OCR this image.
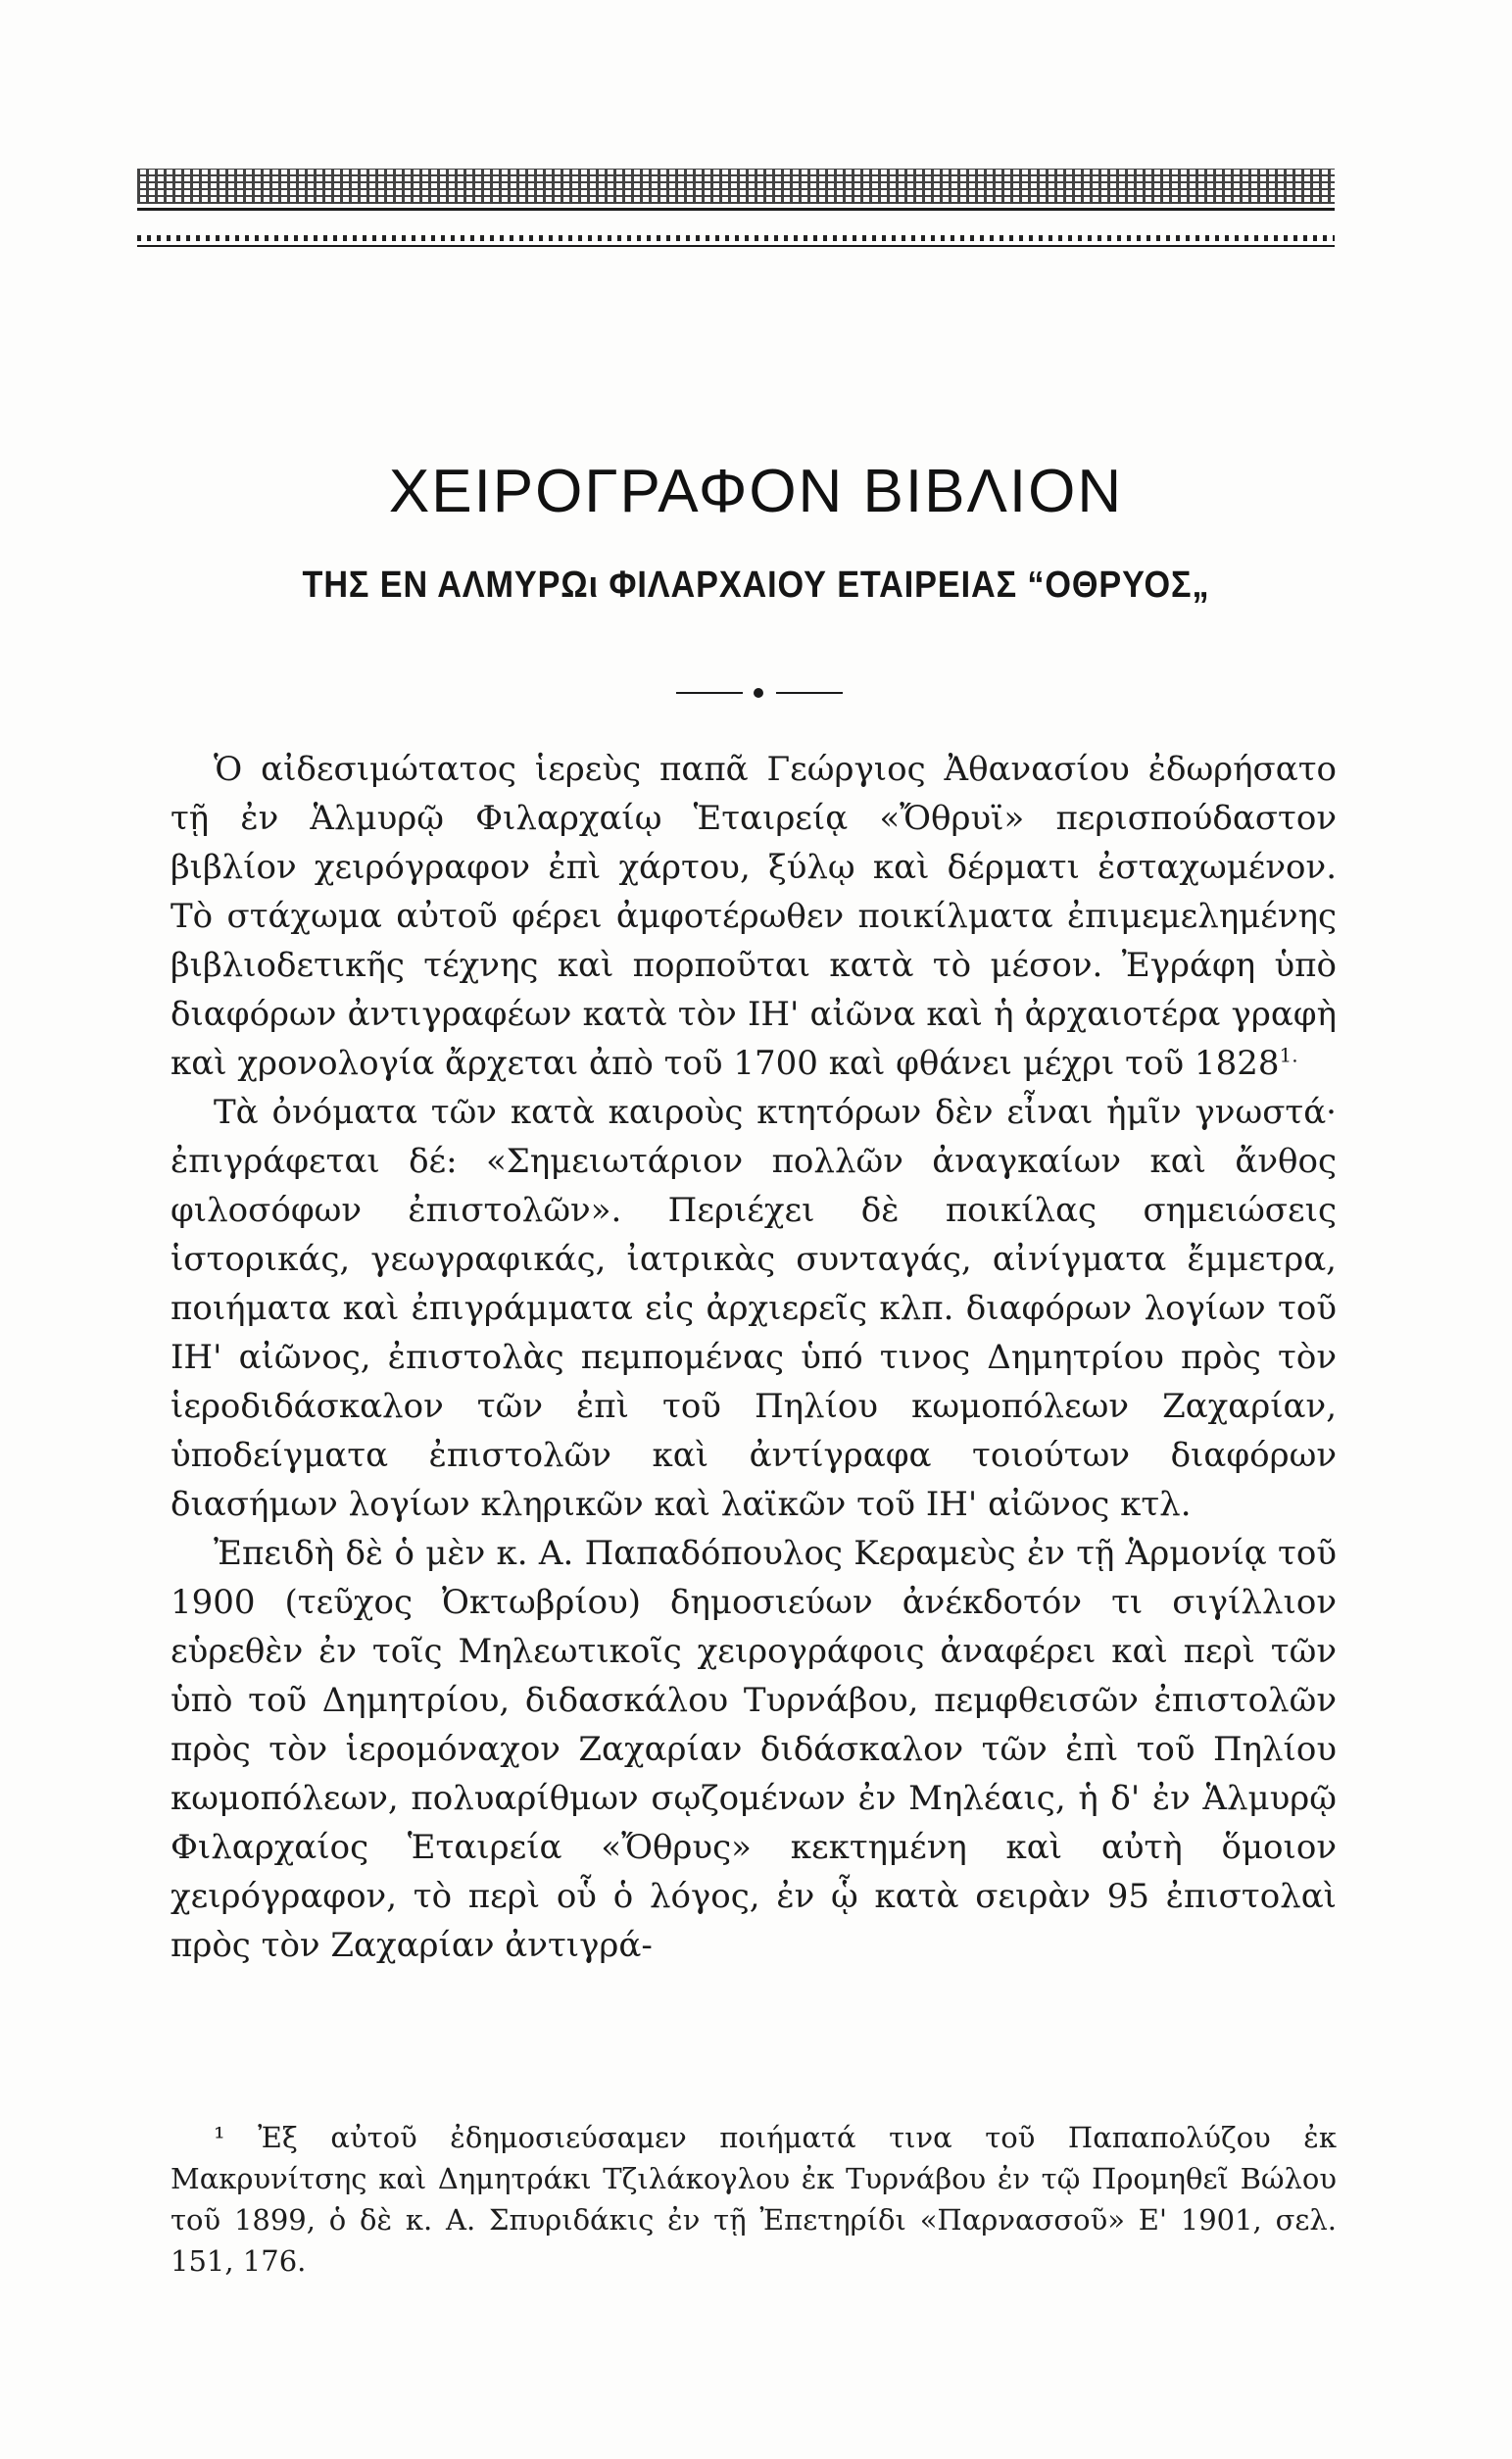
ΧΕΙΡΟΓΡΑΦΟΝ ΒΙΒΛΙΟΝ
ΤΗΣ ΕΝ ΑΛΜΥΡΩι ΦΙΛΑΡΧΑΙΟΥ ΕΤΑΙΡΕΙΑΣ “ΟΘΡΥΟΣ„

Ὁ αἰδεσιμώτατος ἱερεὺς παπᾶ Γεώργιος Ἀθανασίου ἐδωρήσατο τῇ ἐν Ἁλμυρῷ Φιλαρχαίῳ Ἑταιρείᾳ «Ὄθρυϊ» περισπούδαστον βιβλίον χειρόγραφον ἐπὶ χάρτου, ξύλῳ καὶ δέρματι ἐσταχωμένον. Τὸ στάχωμα αὐτοῦ φέρει ἀμφοτέρωθεν ποικίλματα ἐπιμεμελημένης βιβλιοδετικῆς τέχνης καὶ πορποῦται κατὰ τὸ μέσον. Ἐγράφη ὑπὸ διαφόρων ἀντιγραφέων κατὰ τὸν ΙΗ' αἰῶνα καὶ ἡ ἀρχαιοτέρα γραφὴ καὶ χρονολογία ἄρχεται ἀπὸ τοῦ 1700 καὶ φθάνει μέχρι τοῦ $1828^{1.}$

Τὰ ὀνόματα τῶν κατὰ καιροὺς κτητόρων δὲν εἶναι ἡμῖν γνωστά· ἐπιγράφεται δέ: «Σημειωτάριον πολλῶν ἀναγκαίων καὶ ἄνθος φιλοσόφων ἐπιστολῶν». Περιέχει δὲ ποικίλας σημειώσεις ἱστορικάς, γεωγραφικάς, ἰατρικὰς συνταγάς, αἰνίγματα ἔμμετρα, ποιήματα καὶ ἐπιγράμματα εἰς ἀρχιερεῖς κλπ. διαφόρων λογίων τοῦ ΙΗ' αἰῶνος, ἐπιστολὰς πεμπομένας ὑπό τινος Δημητρίου πρὸς τὸν ἱεροδιδάσκαλον τῶν ἐπὶ τοῦ Πηλίου κωμοπόλεων Ζαχαρίαν, ὑποδείγματα ἐπιστολῶν καὶ ἀντίγραφα τοιούτων διαφόρων διασήμων λογίων κληρικῶν καὶ λαϊκῶν τοῦ ΙΗ' αἰῶνος κτλ.

Ἐπειδὴ δὲ ὁ μὲν κ. Α. Παπαδόπουλος Κεραμεὺς ἐν τῇ Ἁρμονίᾳ τοῦ 1900 (τεῦχος Ὀκτωβρίου) δημοσιεύων ἀνέκδοτόν τι σιγίλλιον εὑρεθὲν ἐν τοῖς Μηλεωτικοῖς χειρογράφοις ἀναφέρει καὶ περὶ τῶν ὑπὸ τοῦ Δημητρίου, διδασκάλου Τυρνάβου, πεμφθεισῶν ἐπιστολῶν πρὸς τὸν ἱερομόναχον Ζαχαρίαν διδάσκαλον τῶν ἐπὶ τοῦ Πηλίου κωμοπόλεων, πολυαρίθμων σῳζομένων ἐν Μηλέαις, ἡ δ' ἐν Ἁλμυρῷ Φιλαρχαίος Ἑταιρεία «Ὄθρυς» κεκτημένη καὶ αὐτὴ ὅμοιον χειρόγραφον, τὸ περὶ οὗ ὁ λόγος, ἐν ᾧ κατὰ σειρὰν 95 ἐπιστολαὶ πρὸς τὸν Ζαχαρίαν ἀντιγρά-

¹ Ἐξ αὐτοῦ ἐδημοσιεύσαμεν ποιήματά τινα τοῦ Παπαπολύζου ἐκ Μακρυνίτσης καὶ Δημητράκι Τζιλάκογλου ἐκ Τυρνάβου ἐν τῷ Προμηθεῖ Βώλου τοῦ 1899, ὁ δὲ κ. Α. Σπυριδάκις ἐν τῇ Ἐπετηρίδι «Παρνασσοῦ» Ε' 1901, σελ. 151, 176.
